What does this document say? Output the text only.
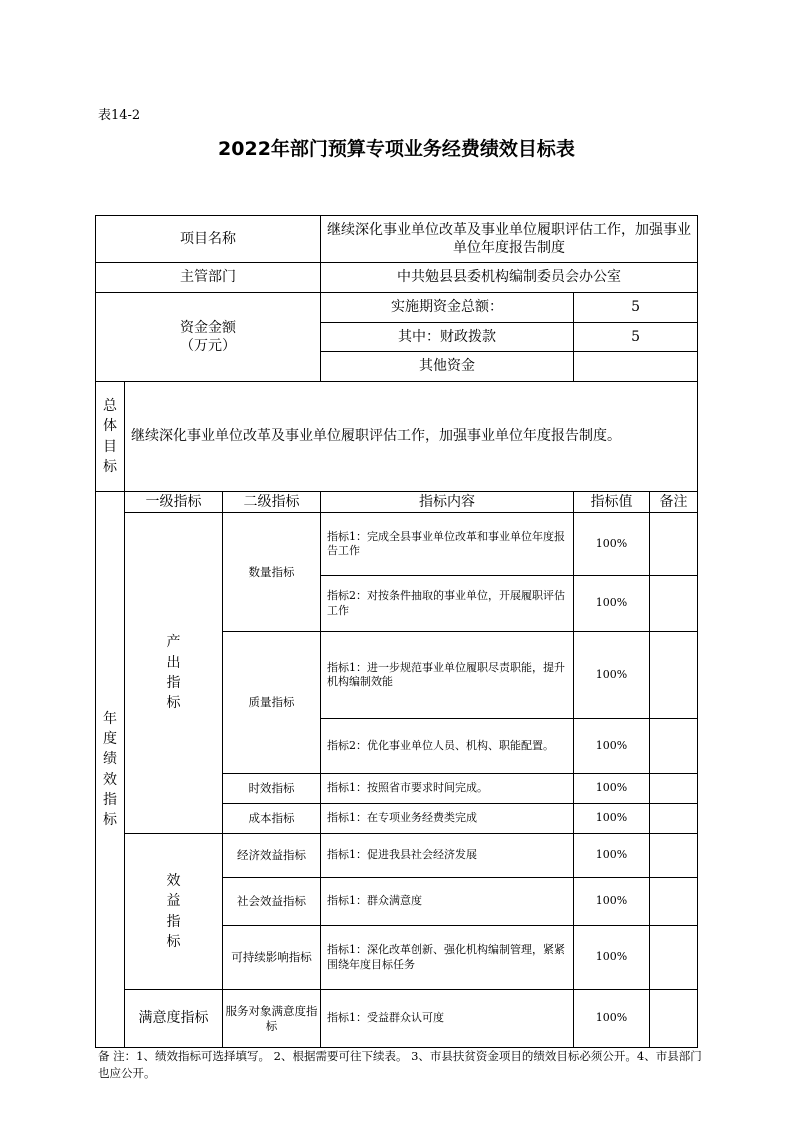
表14-2
2022年部门预算专项业务经费绩效目标表
项目名称			继续深化事业单位改革及事业单位履职评估工作，加强事业单位年度报告制度		
主管部门			中共勉县县委机构编制委员会办公室		

资金金额
（万元）			实施期资金总额：	5	
			其中：财政拨款	5	
			其他资金		

总体目标	继续深化事业单位改革及事业单位履职评估工作，加强事业单位年度报告制度。				

年度绩效指标	一级指标	二级指标	指标内容	指标值	备注

	产出指标	数量指标	指标1：完成全县事业单位改革和事业单位年度报告工作	100%	
			指标2：对按条件抽取的事业单位，开展履职评估工作	100%	
		质量指标	指标1：进一步规范事业单位履职尽责职能，提升机构编制效能	100%	
			指标2：优化事业单位人员、机构、职能配置。	100%	
		时效指标	指标1：按照省市要求时间完成。	100%	
		成本指标	指标1：在专项业务经费类完成	100%	

	效益指标	经济效益指标	指标1：促进我县社会经济发展	100%	
		社会效益指标	指标1：群众满意度	100%	
		可持续影响指标	指标1：深化改革创新、强化机构编制管理，紧紧围绕年度目标任务	100%	
	满意度指标	服务对象满意度指标	指标1：受益群众认可度	100%	
备 注：1、绩效指标可选择填写。 2、根据需要可往下续表。 3、市县扶贫资金项目的绩效目标必须公开。4、市县部门也应公开。
